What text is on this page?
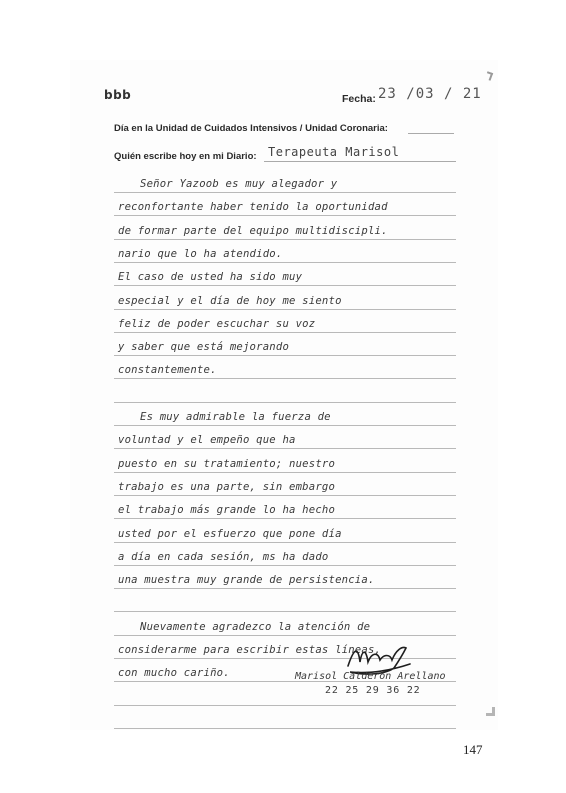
bbb	Fecha: 23 /03 / 21
Día en la Unidad de Cuidados Intensivos / Unidad Coronaria:
Quién escribe hoy en mi Diario: Terapeuta Marisol
Señor Yazoob es muy alegador y
reconfortante haber tenido la oportunidad
de formar parte del equipo multidiscipli.
nario que lo ha atendido.
El caso de usted ha sido muy
especial y el día de hoy me siento
feliz de poder escuchar su voz
y saber que está mejorando
constantemente.
Es muy admirable la fuerza de
voluntad y el empeño que ha
puesto en su tratamiento; nuestro
trabajo es una parte, sin embargo
el trabajo más grande lo ha hecho
usted por el esfuerzo que pone día
a día en cada sesión, ms ha dado
una muestra muy grande de persistencia.
Nuevamente agradezco la atención de
considerarme para escribir estas líneas,
con mucho cariño.	Marisol Calderón Arellano
22 25 29 36 22
147
